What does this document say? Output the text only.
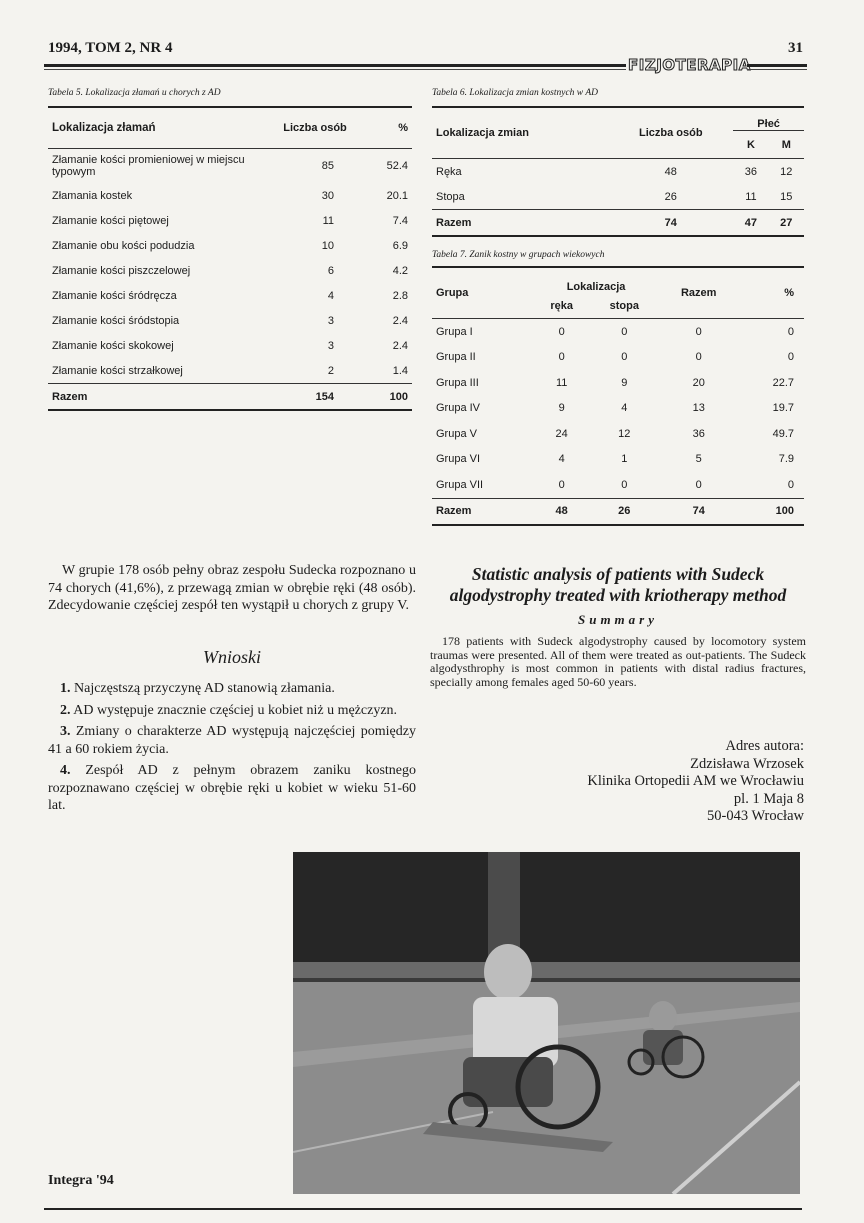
1994, TOM 2, NR 4
FIZJOTERAPIA
31
Tabela 5. Lokalizacja złamań u chorych z AD
Lokalizacja złamań	Liczba osób	%
Złamanie kości promieniowej w miejscu typowym	85	52.4
Złamania kostek	30	20.1
Złamanie kości piętowej	11	7.4
Złamanie obu kości podudzia	10	6.9
Złamanie kości piszczelowej	6	4.2
Złamanie kości śródręcza	4	2.8
Złamanie kości śródstopia	3	2.4
Złamanie kości skokowej	3	2.4
Złamanie kości strzałkowej	2	1.4
Razem	154	100
Tabela 6. Lokalizacja zmian kostnych w AD
Lokalizacja zmian	Liczba osób	Płeć	
		K	M
Ręka	48	36	12
Stopa	26	11	15
Razem	74	47	27
Tabela 7. Zanik kostny w grupach wiekowych
Grupa	Lokalizacja		Razem	%
	ręka	stopa		
Grupa I	0	0	0	0
Grupa II	0	0	0	0
Grupa III	11	9	20	22.7
Grupa IV	9	4	13	19.7
Grupa V	24	12	36	49.7
Grupa VI	4	1	5	7.9
Grupa VII	0	0	0	0
Razem	48	26	74	100
W grupie 178 osób pełny obraz zespołu Sudecka rozpoznano u 74 chorych (41,6%), z przewagą zmian w obrębie ręki (48 osób). Zdecydowanie częściej zespół ten wystąpił u chorych z grupy V.
Wnioski

1. Najczęstszą przyczynę AD stanowią złamania.

2. AD występuje znacznie częściej u kobiet niż u mężczyzn.

3. Zmiany o charakterze AD występują najczęściej pomiędzy 41 a 60 rokiem życia.

4. Zespół AD z pełnym obrazem zaniku kostnego rozpoznawano częściej w obrębie ręki u kobiet w wieku 51-60 lat.

Statistic analysis of patients with Sudeck algodystrophy treated with kriotherapy method
Summary
178 patients with Sudeck algodystrophy caused by locomotory system traumas were presented. All of them were treated as out-patients. The Sudeck algodysthrophy is most common in patients with distal radius fractures, specially among females aged 50-60 years.
Adres autora:
Zdzisława Wrzosek
Klinika Ortopedii AM we Wrocławiu
pl. 1 Maja 8
50-043 Wrocław
Integra '94
